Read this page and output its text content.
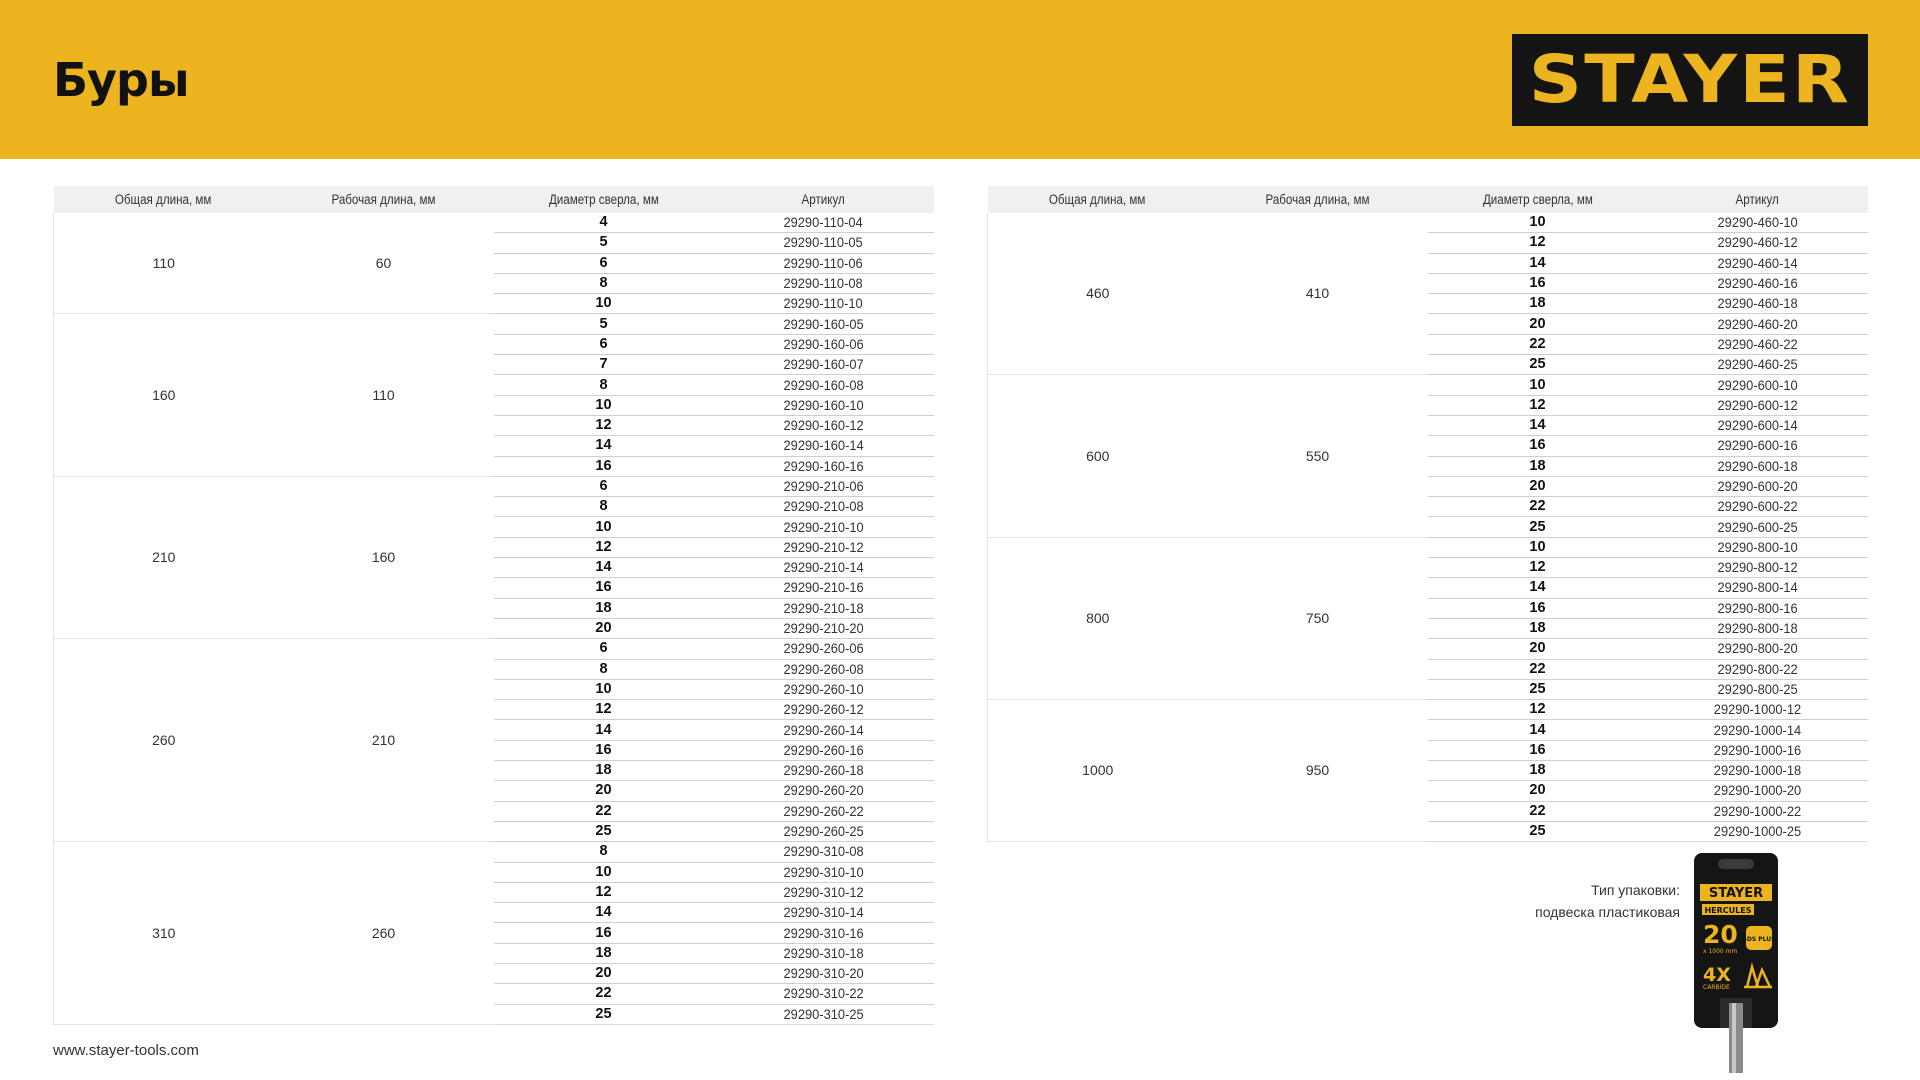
Буры	STAYER
Общая длина, мм	Рабочая длина, мм	Диаметр сверла, мм	Артикул
110	60	4	29290-110-04
		5	29290-110-05
		6	29290-110-06
		8	29290-110-08
		10	29290-110-10
160	110	5	29290-160-05
		6	29290-160-06
		7	29290-160-07
		8	29290-160-08
		10	29290-160-10
		12	29290-160-12
		14	29290-160-14
		16	29290-160-16
210	160	6	29290-210-06
		8	29290-210-08
		10	29290-210-10
		12	29290-210-12
		14	29290-210-14
		16	29290-210-16
		18	29290-210-18
		20	29290-210-20
260	210	6	29290-260-06
		8	29290-260-08
		10	29290-260-10
		12	29290-260-12
		14	29290-260-14
		16	29290-260-16
		18	29290-260-18
		20	29290-260-20
		22	29290-260-22
		25	29290-260-25
310	260	8	29290-310-08
		10	29290-310-10
		12	29290-310-12
		14	29290-310-14
		16	29290-310-16
		18	29290-310-18
		20	29290-310-20
		22	29290-310-22
		25	29290-310-25
Общая длина, мм	Рабочая длина, мм	Диаметр сверла, мм	Артикул
460	410	10	29290-460-10
		12	29290-460-12
		14	29290-460-14
		16	29290-460-16
		18	29290-460-18
		20	29290-460-20
		22	29290-460-22
		25	29290-460-25
600	550	10	29290-600-10
		12	29290-600-12
		14	29290-600-14
		16	29290-600-16
		18	29290-600-18
		20	29290-600-20
		22	29290-600-22
		25	29290-600-25
800	750	10	29290-800-10
		12	29290-800-12
		14	29290-800-14
		16	29290-800-16
		18	29290-800-18
		20	29290-800-20
		22	29290-800-22
		25	29290-800-25
1000	950	12	29290-1000-12
		14	29290-1000-14
		16	29290-1000-16
		18	29290-1000-18
		20	29290-1000-20
		22	29290-1000-22
		25	29290-1000-25
Тип упаковки:
подвеска пластиковая
STAYER
HERCULES
20
x 1000 mm
SDS PLUS
4X
CARBIDE
www.stayer-tools.com
